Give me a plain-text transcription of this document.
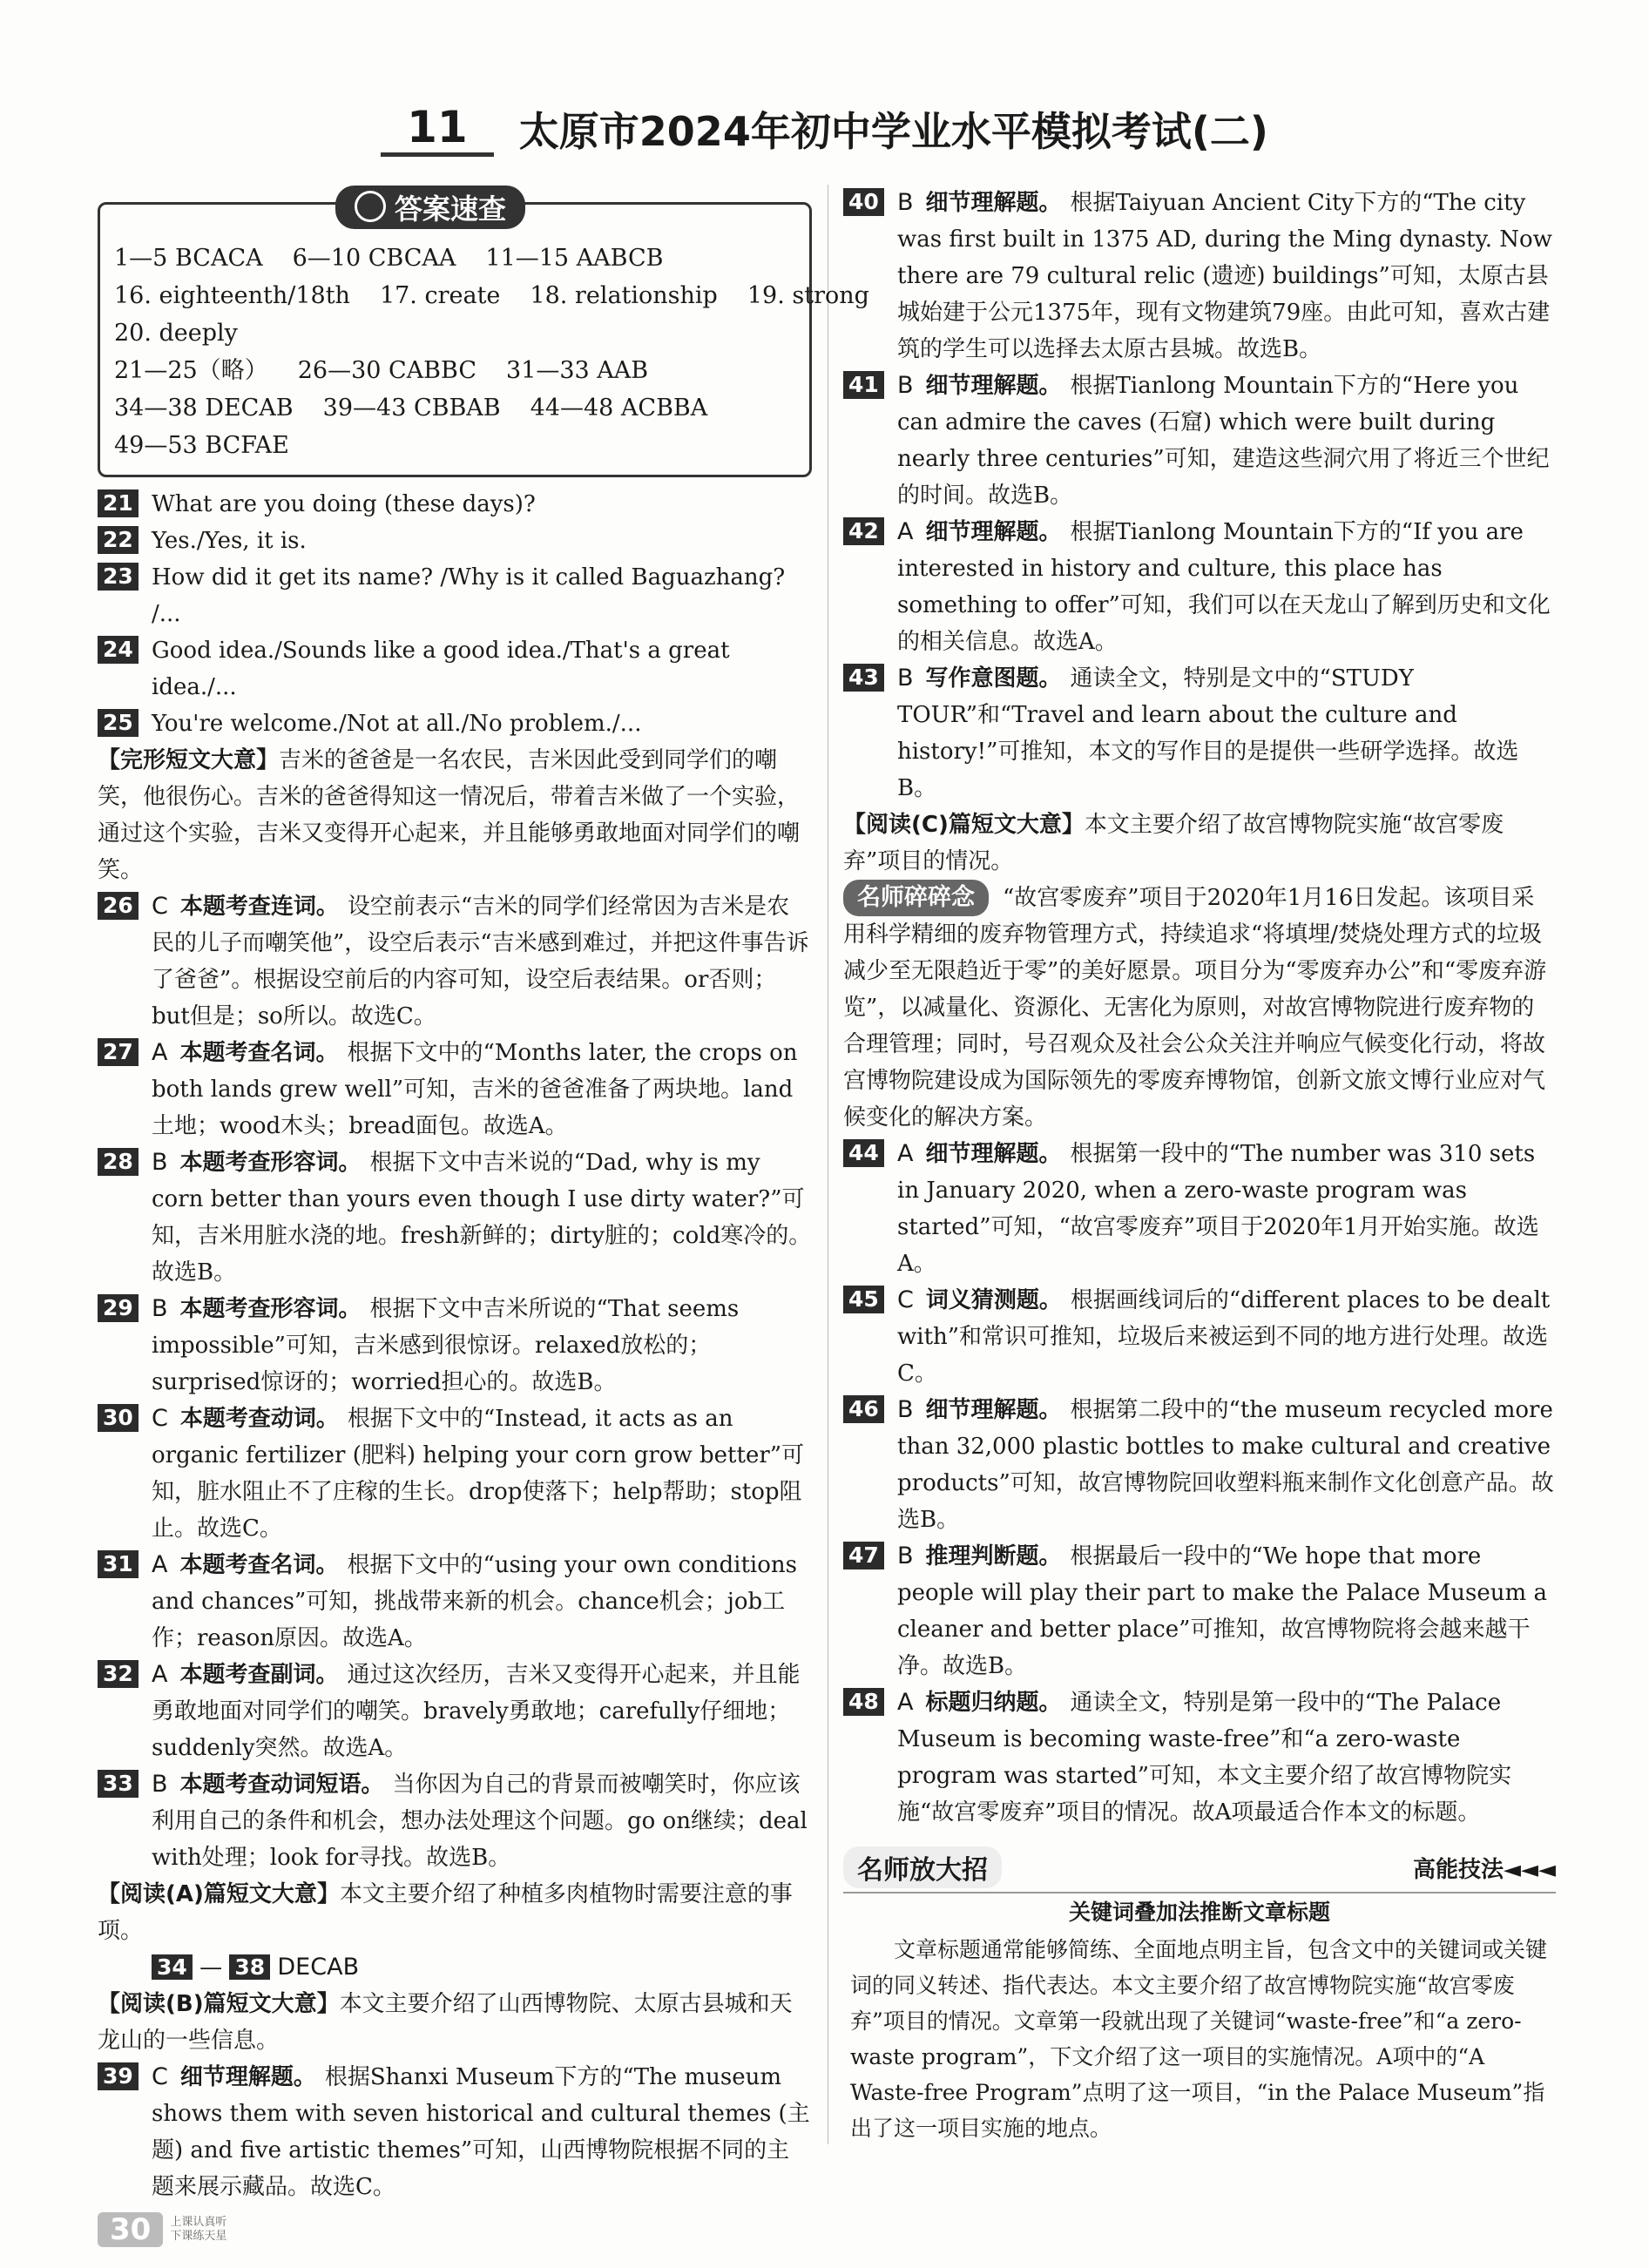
11 太原市2024年初中学业水平模拟考试(二)
答案速查
1—5 BCACA 6—10 CBCAA 11—15 AABCB
16. eighteenth/18th 17. create 18. relationship 19. strong
20. deeply
21—25（略） 26—30 CABBC 31—33 AAB
34—38 DECAB 39—43 CBBAB 44—48 ACBBA
49—53 BCFAE
21 What are you doing (these days)?
22 Yes./Yes, it is.
23 How did it get its name? /Why is it called Baguazhang? /...
24 Good idea./Sounds like a good idea./That's a great idea./...
25 You're welcome./Not at all./No problem./...
【完形短文大意】吉米的爸爸是一名农民，吉米因此受到同学们的嘲笑，他很伤心。吉米的爸爸得知这一情况后，带着吉米做了一个实验，通过这个实验，吉米又变得开心起来，并且能够勇敢地面对同学们的嘲笑。
26 C 本题考查连词。 设空前表示“吉米的同学们经常因为吉米是农民的儿子而嘲笑他”，设空后表示“吉米感到难过，并把这件事告诉了爸爸”。根据设空前后的内容可知，设空后表结果。or否则；but但是；so所以。故选C。
27 A 本题考查名词。 根据下文中的“Months later, the crops on both lands grew well”可知，吉米的爸爸准备了两块地。land土地；wood木头；bread面包。故选A。
28 B 本题考查形容词。 根据下文中吉米说的“Dad, why is my corn better than yours even though I use dirty water?”可知，吉米用脏水浇的地。fresh新鲜的；dirty脏的；cold寒冷的。故选B。
29 B 本题考查形容词。 根据下文中吉米所说的“That seems impossible”可知，吉米感到很惊讶。relaxed放松的；surprised惊讶的；worried担心的。故选B。
30 C 本题考查动词。 根据下文中的“Instead, it acts as an organic fertilizer (肥料) helping your corn grow better”可知，脏水阻止不了庄稼的生长。drop使落下；help帮助；stop阻止。故选C。
31 A 本题考查名词。 根据下文中的“using your own conditions and chances”可知，挑战带来新的机会。chance机会；job工作；reason原因。故选A。
32 A 本题考查副词。 通过这次经历，吉米又变得开心起来，并且能勇敢地面对同学们的嘲笑。bravely勇敢地；carefully仔细地；suddenly突然。故选A。
33 B 本题考查动词短语。 当你因为自己的背景而被嘲笑时，你应该利用自己的条件和机会，想办法处理这个问题。go on继续；deal with处理；look for寻找。故选B。
【阅读(A)篇短文大意】本文主要介绍了种植多肉植物时需要注意的事项。
34 — 38 DECAB
【阅读(B)篇短文大意】本文主要介绍了山西博物院、太原古县城和天龙山的一些信息。
39 C 细节理解题。 根据Shanxi Museum下方的“The museum shows them with seven historical and cultural themes (主题) and five artistic themes”可知，山西博物院根据不同的主题来展示藏品。故选C。
40 B 细节理解题。 根据Taiyuan Ancient City下方的“The city was first built in 1375 AD, during the Ming dynasty. Now there are 79 cultural relic (遗迹) buildings”可知，太原古县城始建于公元1375年，现有文物建筑79座。由此可知，喜欢古建筑的学生可以选择去太原古县城。故选B。
41 B 细节理解题。 根据Tianlong Mountain下方的“Here you can admire the caves (石窟) which were built during nearly three centuries”可知，建造这些洞穴用了将近三个世纪的时间。故选B。
42 A 细节理解题。 根据Tianlong Mountain下方的“If you are interested in history and culture, this place has something to offer”可知，我们可以在天龙山了解到历史和文化的相关信息。故选A。
43 B 写作意图题。 通读全文，特别是文中的“STUDY TOUR”和“Travel and learn about the culture and history!”可推知，本文的写作目的是提供一些研学选择。故选B。
【阅读(C)篇短文大意】本文主要介绍了故宫博物院实施“故宫零废弃”项目的情况。
名师碎碎念 “故宫零废弃”项目于2020年1月16日发起。该项目采用科学精细的废弃物管理方式，持续追求“将填埋/焚烧处理方式的垃圾减少至无限趋近于零”的美好愿景。项目分为“零废弃办公”和“零废弃游览”，以减量化、资源化、无害化为原则，对故宫博物院进行废弃物的合理管理；同时，号召观众及社会公众关注并响应气候变化行动，将故宫博物院建设成为国际领先的零废弃博物馆，创新文旅文博行业应对气候变化的解决方案。
44 A 细节理解题。 根据第一段中的“The number was 310 sets in January 2020, when a zero-waste program was started”可知，“故宫零废弃”项目于2020年1月开始实施。故选A。
45 C 词义猜测题。 根据画线词后的“different places to be dealt with”和常识可推知，垃圾后来被运到不同的地方进行处理。故选C。
46 B 细节理解题。 根据第二段中的“the museum recycled more than 32,000 plastic bottles to make cultural and creative products”可知，故宫博物院回收塑料瓶来制作文化创意产品。故选B。
47 B 推理判断题。 根据最后一段中的“We hope that more people will play their part to make the Palace Museum a cleaner and better place”可推知，故宫博物院将会越来越干净。故选B。
48 A 标题归纳题。 通读全文，特别是第一段中的“The Palace Museum is becoming waste-free”和“a zero-waste program was started”可知，本文主要介绍了故宫博物院实施“故宫零废弃”项目的情况。故A项最适合作本文的标题。
名师放大招	高能技法◄◄◄
关键词叠加法推断文章标题
文章标题通常能够简练、全面地点明主旨，包含文中的关键词或关键词的同义转述、指代表达。本文主要介绍了故宫博物院实施“故宫零废弃”项目的情况。文章第一段就出现了关键词“waste-free”和“a zero-waste program”，下文介绍了这一项目的实施情况。A项中的“A Waste-free Program”点明了这一项目，“in the Palace Museum”指出了这一项目实施的地点。
30	上课认真听 下课练天星
